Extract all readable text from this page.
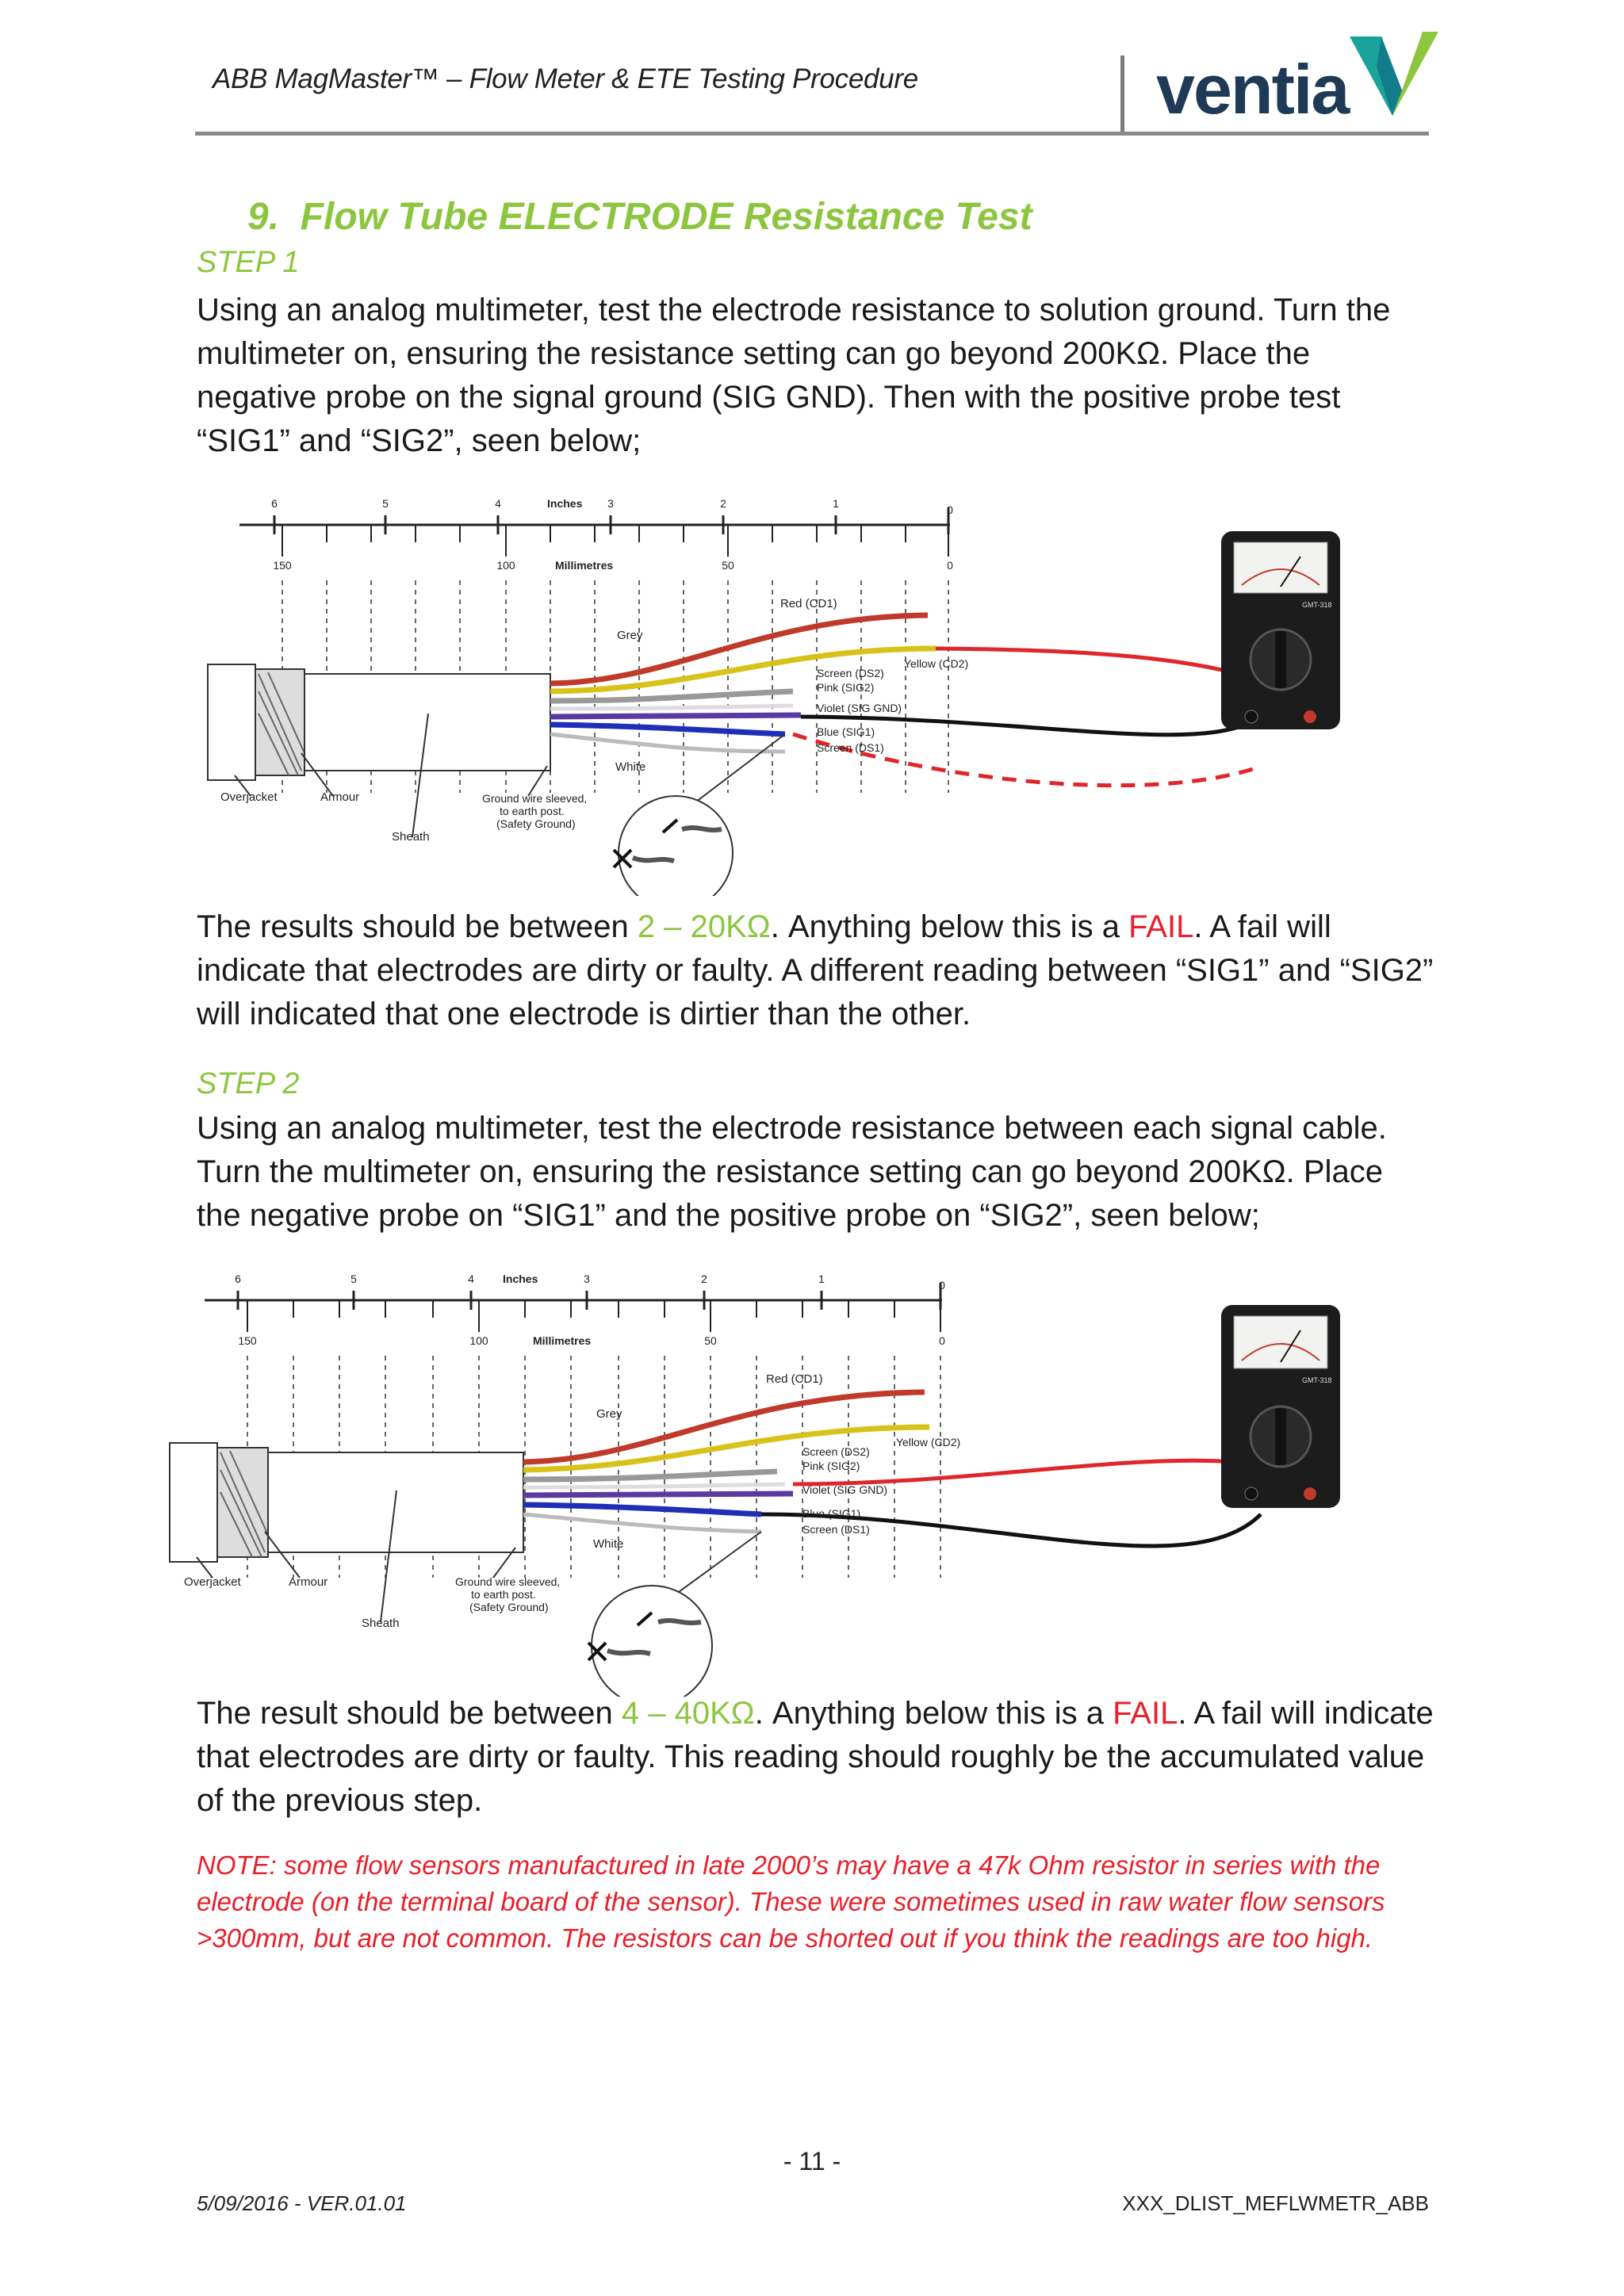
ABB MagMaster™ – Flow Meter & ETE Testing Procedure	ventia
9. Flow Tube ELECTRODE Resistance Test
STEP 1
Using an analog multimeter, test the electrode resistance to solution ground. Turn the multimeter on, ensuring the resistance setting can go beyond 200KΩ. Place the negative probe on the signal ground (SIG GND). Then with the positive probe test “SIG1” and “SIG2”, seen below;
6	5	4	3	2	1	0
Inches
150	100	50	0
Millimetres
Red (CD1)
Grey
Yellow (CD2)
Screen (DS2)
Pink (SIG2)
Violet (SIG GND)
Blue (SIG1)
Screen (DS1)
White
Overjacket	Armour
Sheath
Ground wire sleeved,
to earth post.
(Safety Ground)
GMT-318
The results should be between 2 – 20KΩ. Anything below this is a FAIL. A fail will indicate that electrodes are dirty or faulty. A different reading between “SIG1” and “SIG2” will indicated that one electrode is dirtier than the other.
STEP 2
Using an analog multimeter, test the electrode resistance between each signal cable. Turn the multimeter on, ensuring the resistance setting can go beyond 200KΩ. Place the negative probe on “SIG1” and the positive probe on “SIG2”, seen below;
6	5	4	3	2	1	0
Inches
150	100	50	0
Millimetres
Red (CD1)
Grey
Yellow (CD2)
Screen (DS2)
Pink (SIG2)
Violet (SIG GND)
Blue (SIG1)
Screen (DS1)
White
Overjacket	Armour
Sheath
Ground wire sleeved,
to earth post.
(Safety Ground)
GMT-318
The result should be between 4 – 40KΩ. Anything below this is a FAIL. A fail will indicate that electrodes are dirty or faulty. This reading should roughly be the accumulated value of the previous step.
NOTE: some flow sensors manufactured in late 2000’s may have a 47k Ohm resistor in series with the electrode (on the terminal board of the sensor). These were sometimes used in raw water flow sensors >300mm, but are not common. The resistors can be shorted out if you think the readings are too high.
- 11 -
5/09/2016 - VER.01.01	XXX_DLIST_MEFLWMETR_ABB
